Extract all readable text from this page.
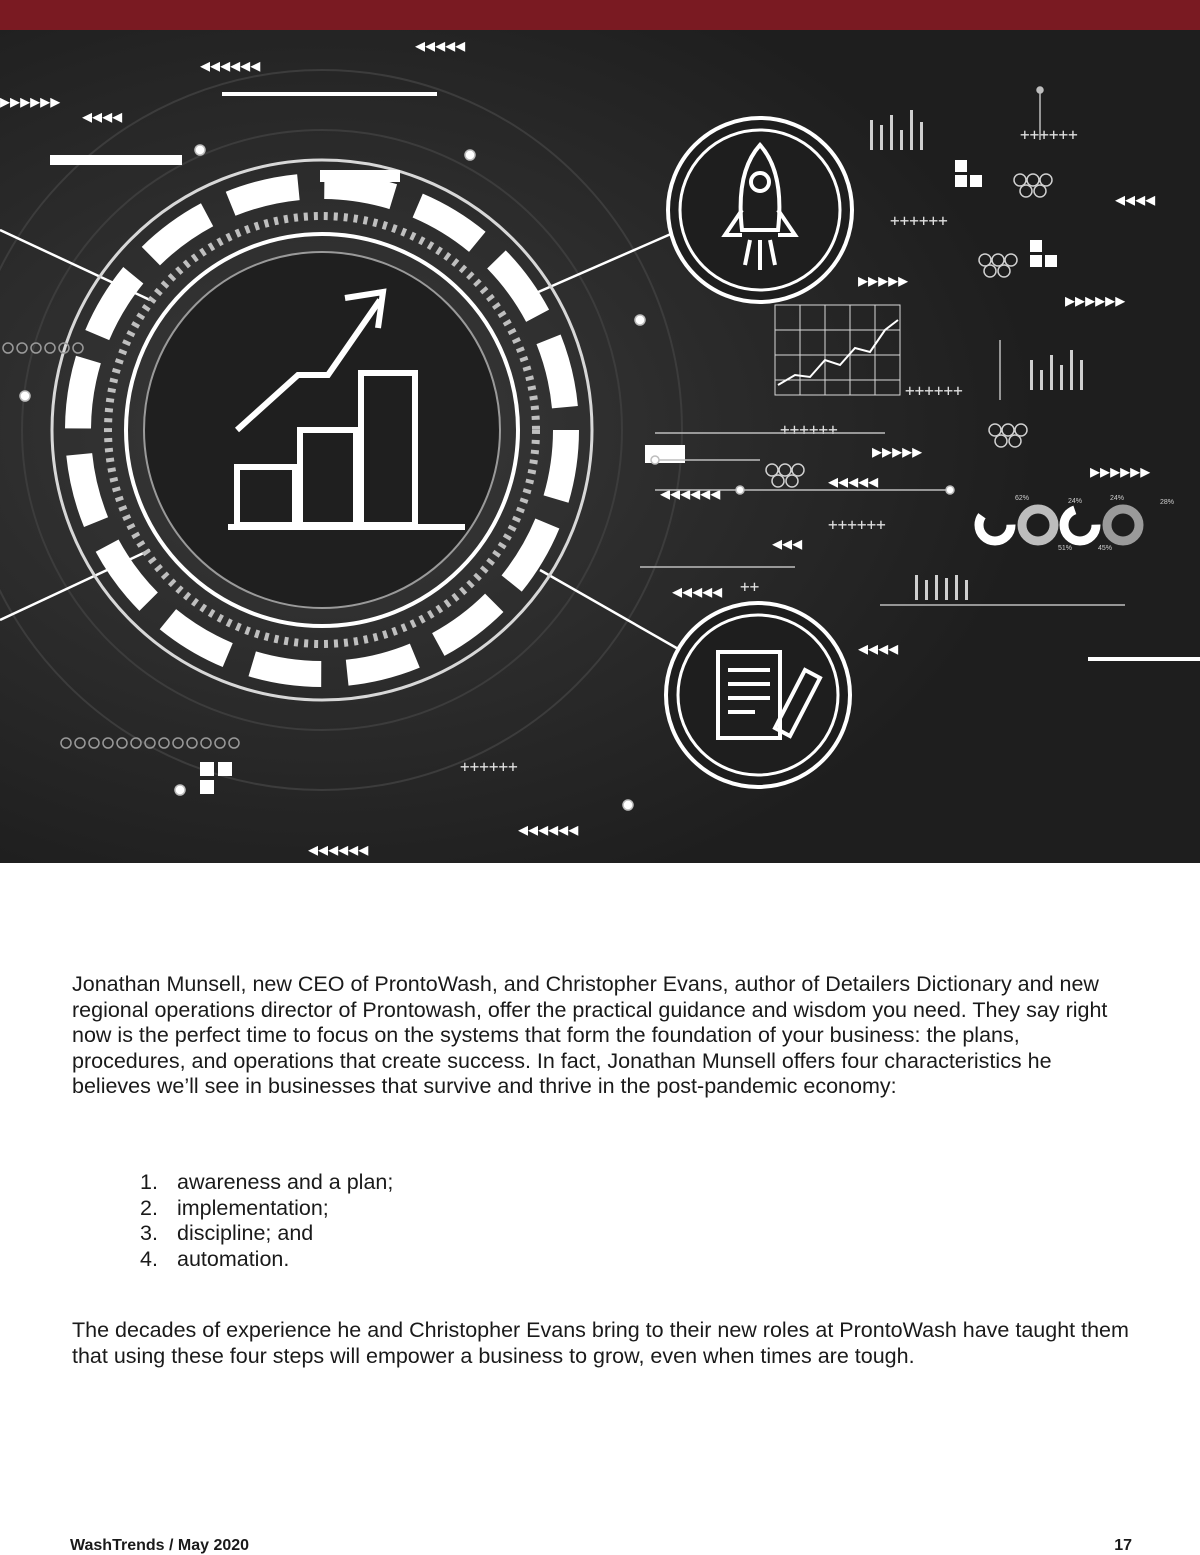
62%	24%	24%
28%
51%	45%
◂◂◂◂◂
◂◂◂◂◂◂
▸▸▸▸▸▸
◂◂◂◂
◂◂◂◂
▸▸▸▸▸
▸▸▸▸▸▸
▸▸▸▸▸
▸▸▸▸▸▸
◂◂◂◂◂
◂◂◂◂◂◂
◂◂◂
◂◂◂◂◂
◂◂◂◂
◂◂◂◂◂◂
◂◂◂◂◂◂
++++++
++++++
++++++
++++++
++++++
++
++++++
Jonathan Munsell, new CEO of ProntoWash, and Christopher Evans, author of Detailers Dictionary and new regional operations director of Prontowash, offer the practical guidance and wisdom you need. They say right now is the perfect time to focus on the systems that form the foundation of your business: the plans, procedures, and operations that create success. In fact, Jonathan Munsell offers four characteristics he believes we’ll see in businesses that survive and thrive in the post-pandemic economy:
1. awareness and a plan;
2. implementation;
3. discipline; and
4. automation.
The decades of experience he and Christopher Evans bring to their new roles at ProntoWash have taught them that using these four steps will empower a business to grow, even when times are tough.
WashTrends / May 2020	17
